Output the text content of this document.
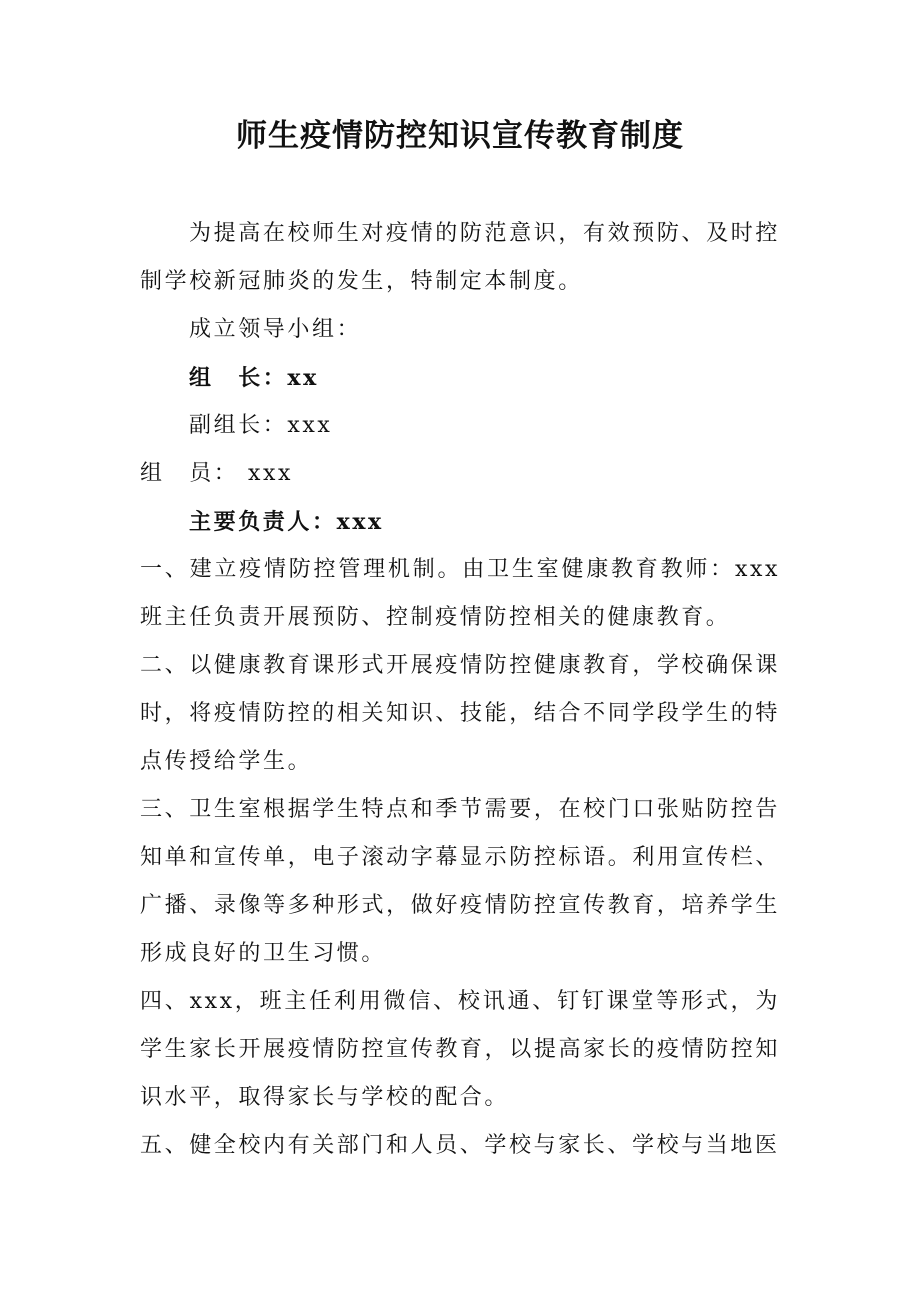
师生疫情防控知识宣传教育制度

为提高在校师生对疫情的防范意识，有效预防、及时控制学校新冠肺炎的发生，特制定本制度。

成立领导小组：

组　长：xx

副组长：xxx

组　员： xxx

主要负责人：xxx

一、建立疫情防控管理机制。由卫生室健康教育教师：xxx 班主任负责开展预防、控制疫情防控相关的健康教育。

二、以健康教育课形式开展疫情防控健康教育，学校确保课时，将疫情防控的相关知识、技能，结合不同学段学生的特点传授给学生。

三、卫生室根据学生特点和季节需要，在校门口张贴防控告知单和宣传单，电子滚动字幕显示防控标语。利用宣传栏、广播、录像等多种形式，做好疫情防控宣传教育，培养学生形成良好的卫生习惯。

四、xxx，班主任利用微信、校讯通、钉钉课堂等形式，为学生家长开展疫情防控宣传教育，以提高家长的疫情防控知识水平，取得家长与学校的配合。

五、健全校内有关部门和人员、学校与家长、学校与当地医
